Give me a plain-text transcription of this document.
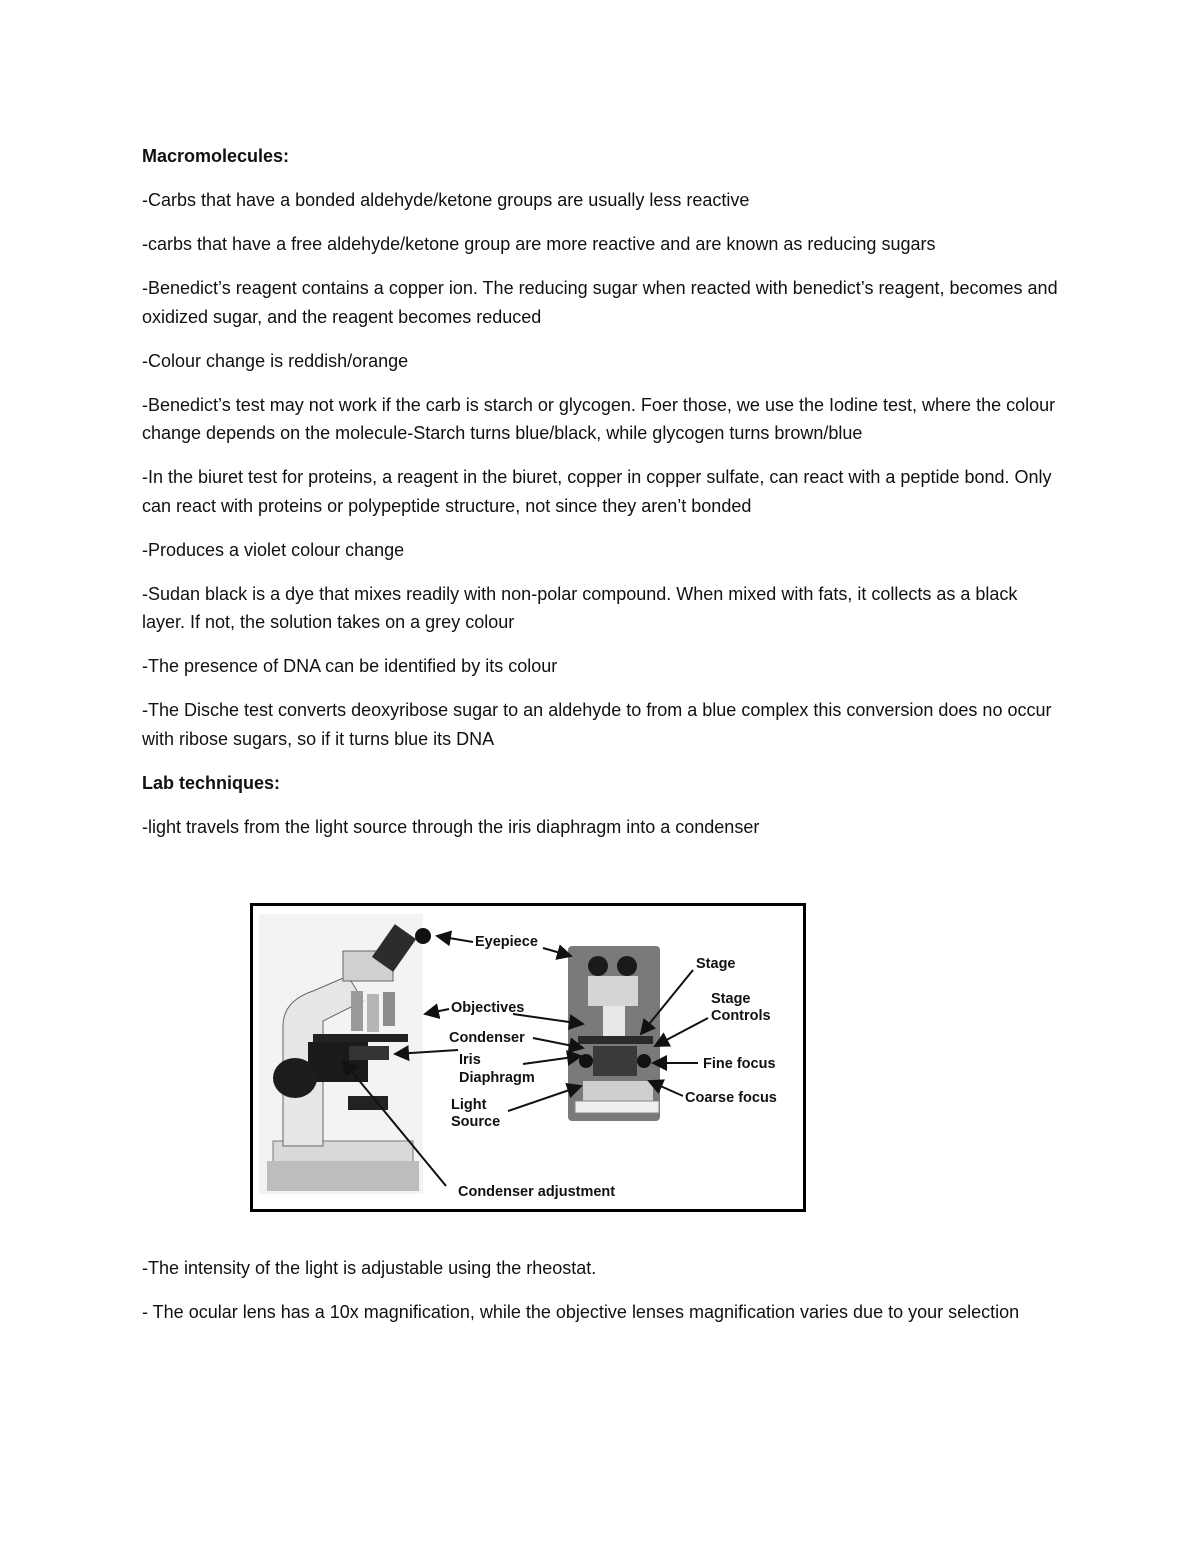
Macromolecules:

-Carbs that have a bonded aldehyde/ketone groups are usually less reactive

-carbs that have a free aldehyde/ketone group are more reactive and are known as reducing sugars

-Benedict’s reagent contains a copper ion. The reducing sugar when reacted with benedict’s reagent, becomes and oxidized sugar, and the reagent becomes reduced

-Colour change is reddish/orange

-Benedict’s test may not work if the carb is starch or glycogen. Foer those, we use the Iodine test, where the colour change depends on the molecule-Starch turns blue/black, while glycogen turns brown/blue

-In the biuret test for proteins, a reagent in the biuret, copper in copper sulfate, can react with a peptide bond. Only can react with proteins or polypeptide structure, not since they aren’t bonded

-Produces a violet colour change

-Sudan black is a dye that mixes readily with non-polar compound. When mixed with fats, it collects as a black layer. If not, the solution takes on a grey colour

-The presence of DNA can be identified by its colour

-The Dische test converts deoxyribose sugar to an aldehyde to from a blue complex this conversion does no occur with ribose sugars, so if it turns blue its DNA

Lab techniques:

-light travels from the light source through the iris diaphragm into a condenser

Eyepiece
Stage
Stage
Controls
Objectives
Condenser
Iris
Diaphragm
Fine focus
Coarse focus
Light
Source
Condenser adjustment

-The intensity of the light is adjustable using the rheostat.

- The ocular lens has a 10x magnification, while the objective lenses magnification varies due to your selection
